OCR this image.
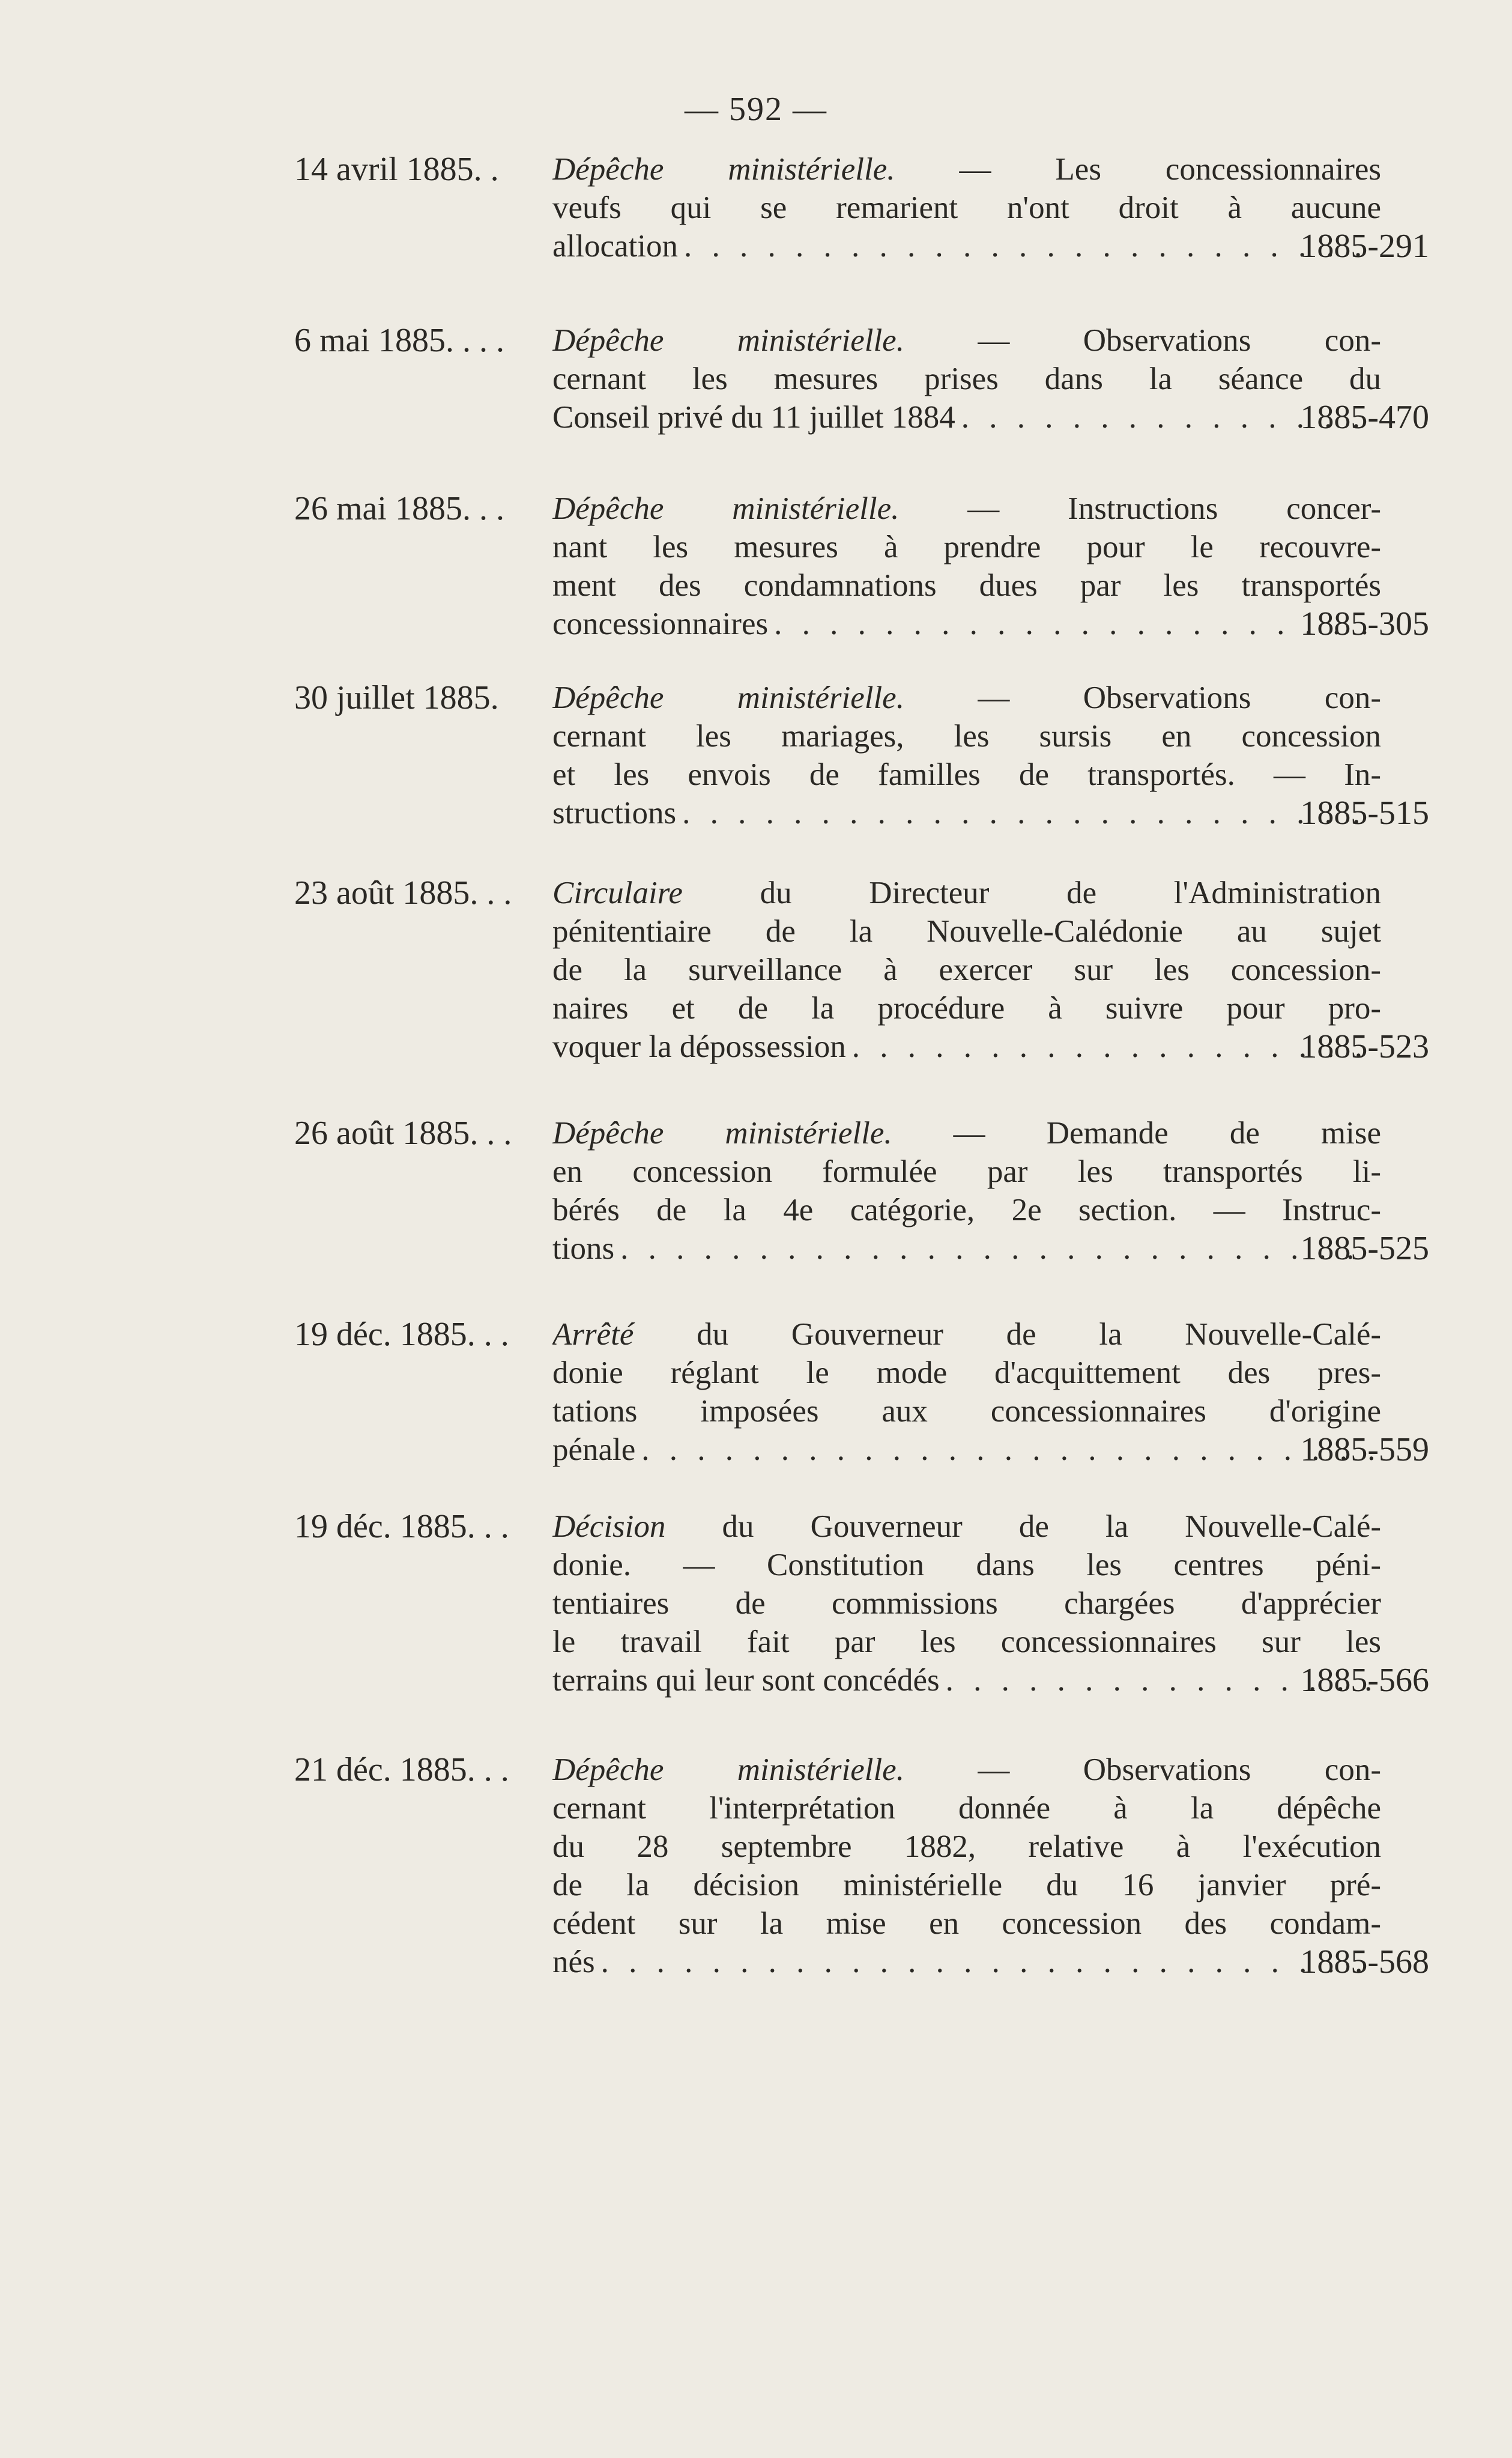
— 592 —
14 avril 1885. .	Dépêche ministérielle. — Les concessionnaires
veufs qui se remarient n'ont droit à aucune
allocation . . .	1885-291
6 mai 1885. . . .	Dépêche ministérielle. — Observations con-
cernant les mesures prises dans la séance du
Conseil privé du 11 juillet 1884 . . .	1885-470
26 mai 1885. . .	Dépêche ministérielle. — Instructions concer-
nant les mesures à prendre pour le recouvre-
ment des condamnations dues par les transportés
concessionnaires . . .	1885-305
30 juillet 1885.	Dépêche ministérielle. — Observations con-
cernant les mariages, les sursis en concession
et les envois de familles de transportés. — In-
structions . . .	1885-515
23 août 1885. . .	Circulaire du Directeur de l'Administration
pénitentiaire de la Nouvelle-Calédonie au sujet
de la surveillance à exercer sur les concession-
naires et de la procédure à suivre pour pro-
voquer la dépossession . . .	1885-523
26 août 1885. . .	Dépêche ministérielle. — Demande de mise
en concession formulée par les transportés li-
bérés de la 4e catégorie, 2e section. — Instruc-
tions . . .	1885-525
19 déc. 1885. . .	Arrêté du Gouverneur de la Nouvelle-Calé-
donie réglant le mode d'acquittement des pres-
tations imposées aux concessionnaires d'origine
pénale . . .	1885-559
19 déc. 1885. . .	Décision du Gouverneur de la Nouvelle-Calé-
donie. — Constitution dans les centres péni-
tentiaires de commissions chargées d'apprécier
le travail fait par les concessionnaires sur les
terrains qui leur sont concédés . . .	1885-566
21 déc. 1885. . .	Dépêche ministérielle. — Observations con-
cernant l'interprétation donnée à la dépêche
du 28 septembre 1882, relative à l'exécution
de la décision ministérielle du 16 janvier pré-
cédent sur la mise en concession des condam-
nés . . .	1885-568
